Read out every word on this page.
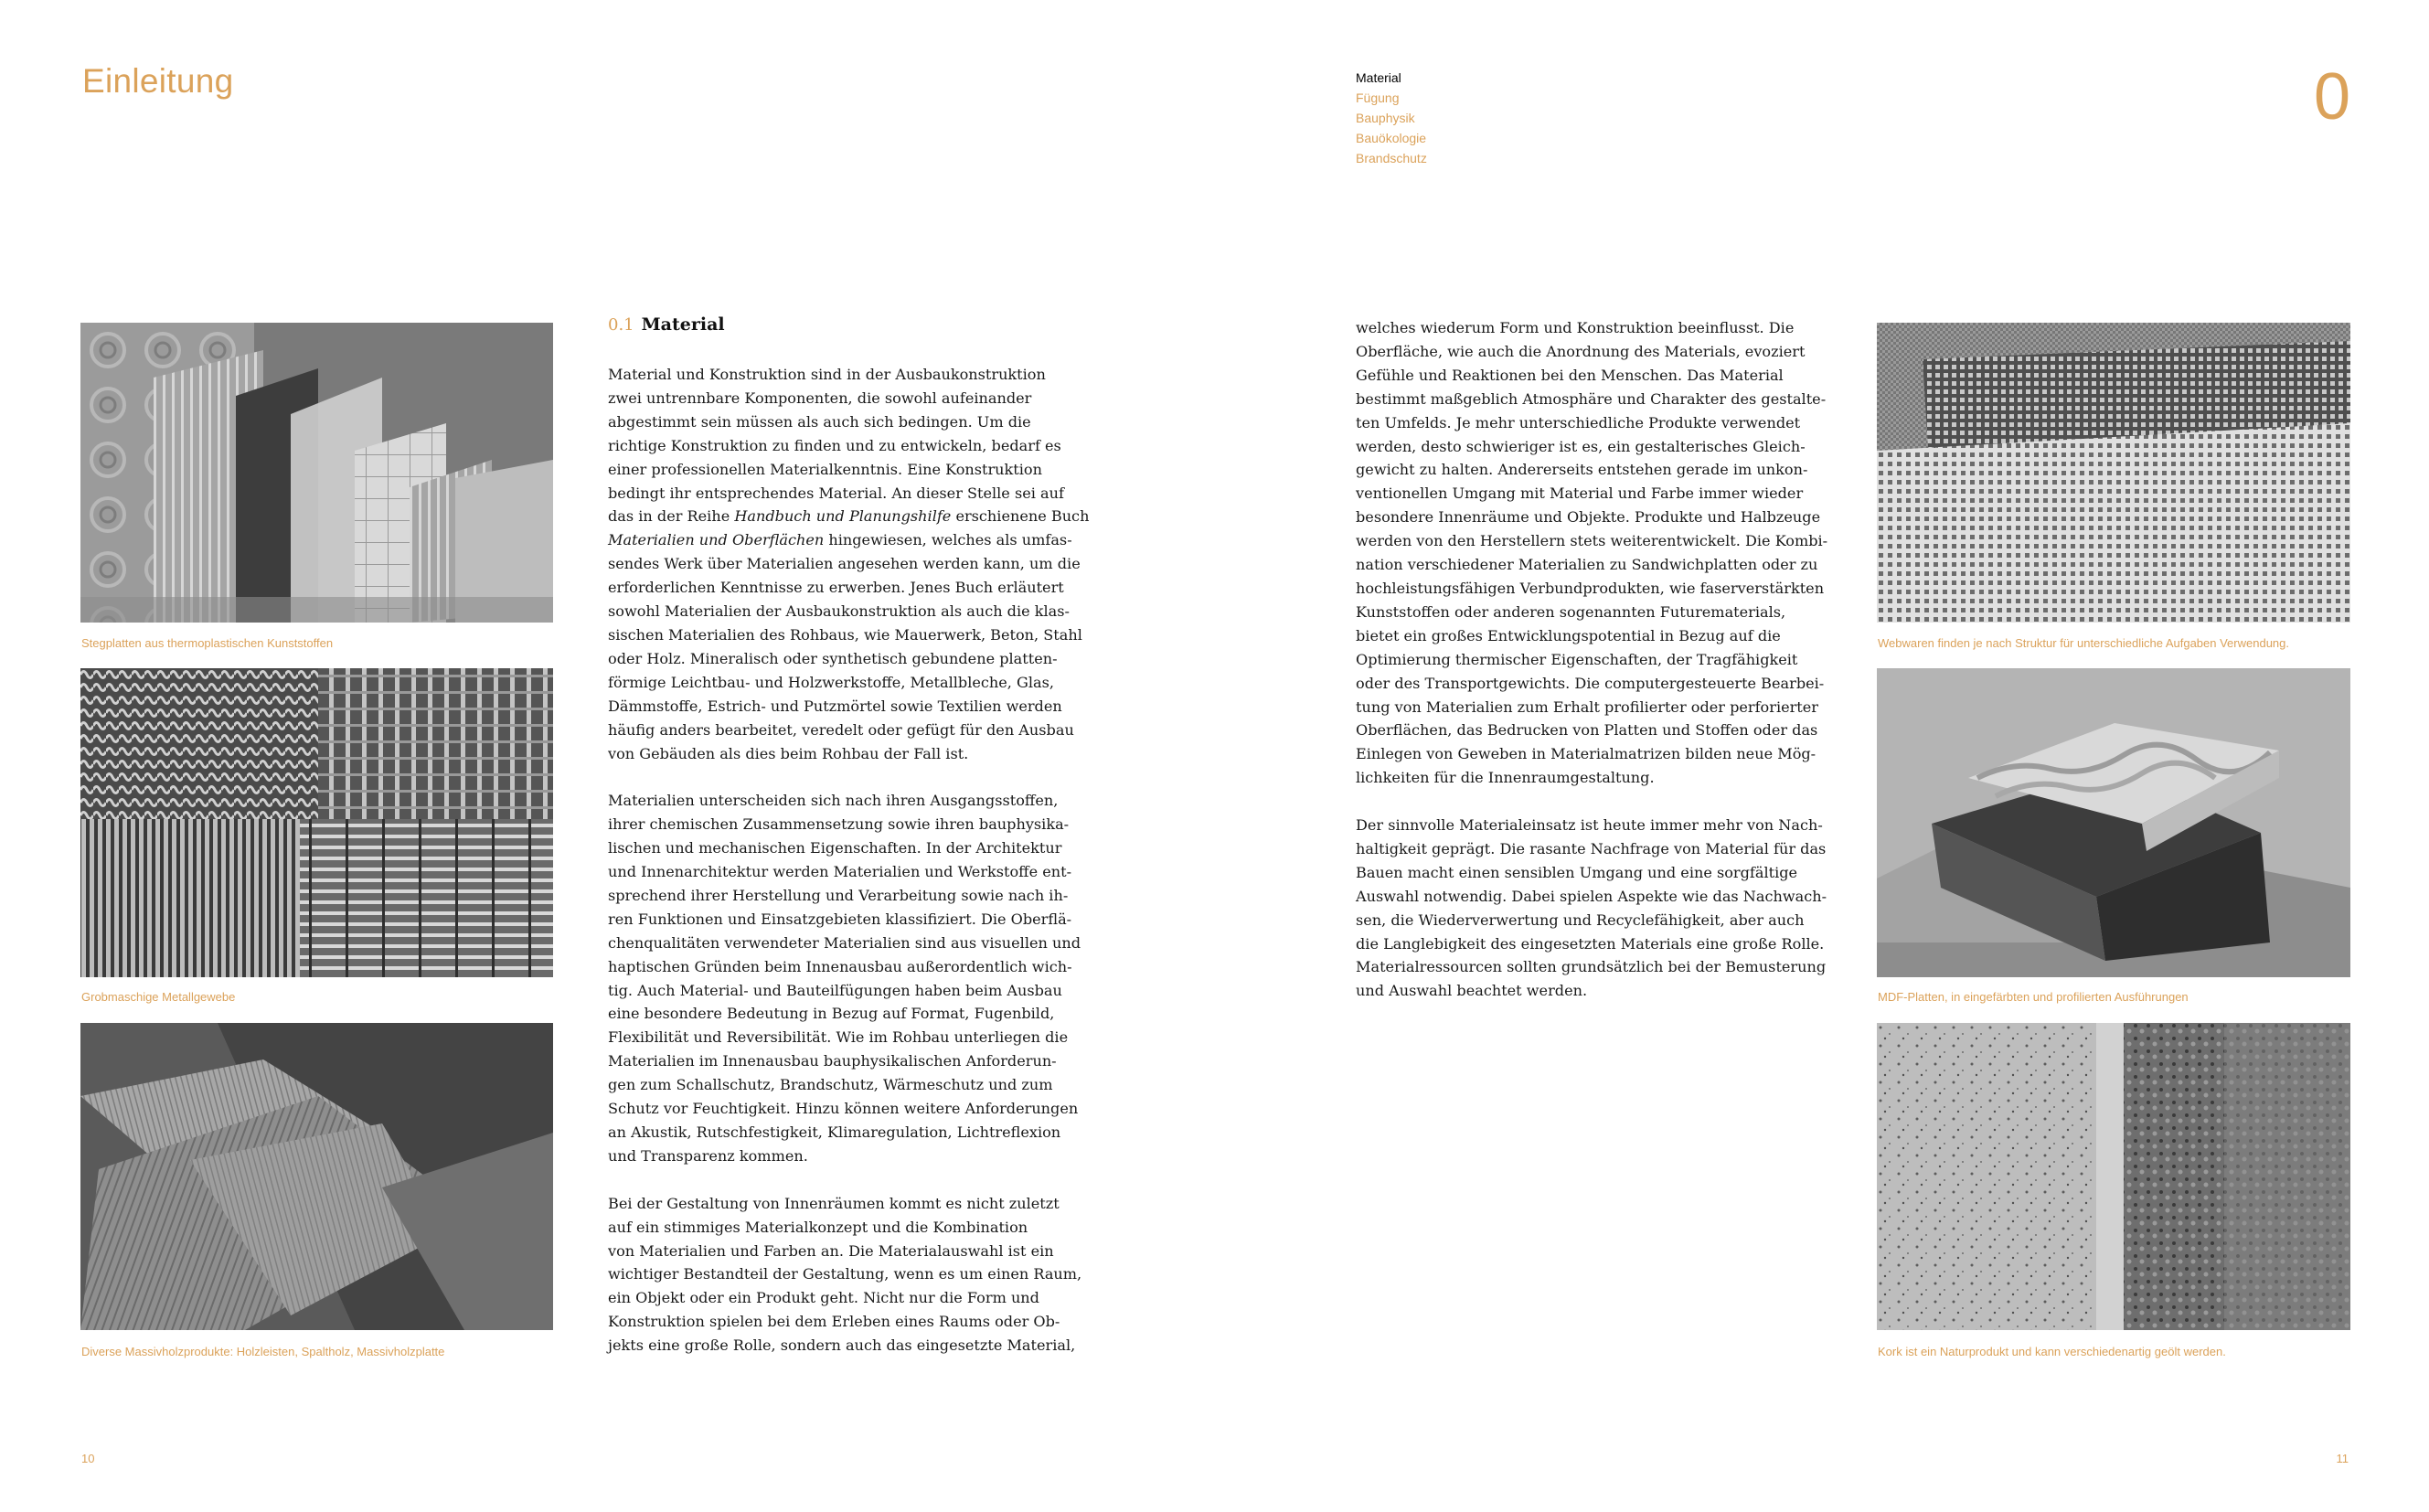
Einleitung	0
Material
Fügung
Bauphysik
Bauökologie
Brandschutz
Stegplatten aus thermoplastischen Kunststoffen
Grobmaschige Metallgewebe
Diverse Massivholzprodukte: Holzleisten, Spaltholz, Massivholzplatte
0.1 Material

Material und Konstruktion sind in der Ausbaukonstruktion
zwei untrennbare Komponenten, die sowohl aufeinander
abgestimmt sein müssen als auch sich bedingen. Um die
richtige Konstruktion zu finden und zu entwickeln, bedarf es
einer professionellen Materialkenntnis. Eine Konstruktion
bedingt ihr entsprechendes Material. An dieser Stelle sei auf
das in der Reihe Handbuch und Planungshilfe erschienene Buch
Materialien und Oberflächen hingewiesen, welches als umfas-
sendes Werk über Materialien angesehen werden kann, um die
erforderlichen Kenntnisse zu erwerben. Jenes Buch erläutert
sowohl Materialien der Ausbaukonstruktion als auch die klas-
sischen Materialien des Rohbaus, wie Mauerwerk, Beton, Stahl
oder Holz. Mineralisch oder synthetisch gebundene platten-
förmige Leichtbau- und Holzwerkstoffe, Metallbleche, Glas,
Dämmstoffe, Estrich- und Putzmörtel sowie Textilien werden
häufig anders bearbeitet, veredelt oder gefügt für den Ausbau
von Gebäuden als dies beim Rohbau der Fall ist.

Materialien unterscheiden sich nach ihren Ausgangsstoffen,
ihrer chemischen Zusammensetzung sowie ihren bauphysika-
lischen und mechanischen Eigenschaften. In der Architektur
und Innenarchitektur werden Materialien und Werkstoffe ent-
sprechend ihrer Herstellung und Verarbeitung sowie nach ih-
ren Funktionen und Einsatzgebieten klassifiziert. Die Oberflä-
chenqualitäten verwendeter Materialien sind aus visuellen und
haptischen Gründen beim Innenausbau außerordentlich wich-
tig. Auch Material- und Bauteilfügungen haben beim Ausbau
eine besondere Bedeutung in Bezug auf Format, Fugenbild,
Flexibilität und Reversibilität. Wie im Rohbau unterliegen die
Materialien im Innenausbau bauphysikalischen Anforderun-
gen zum Schallschutz, Brandschutz, Wärmeschutz und zum
Schutz vor Feuchtigkeit. Hinzu können weitere Anforderungen
an Akustik, Rutschfestigkeit, Klimaregulation, Lichtreflexion
und Transparenz kommen.

Bei der Gestaltung von Innenräumen kommt es nicht zuletzt
auf ein stimmiges Materialkonzept und die Kombination
von Materialien und Farben an. Die Materialauswahl ist ein
wichtiger Bestandteil der Gestaltung, wenn es um einen Raum,
ein Objekt oder ein Produkt geht. Nicht nur die Form und
Konstruktion spielen bei dem Erleben eines Raums oder Ob-
jekts eine große Rolle, sondern auch das eingesetzte Material,

welches wiederum Form und Konstruktion beeinflusst. Die
Oberfläche, wie auch die Anordnung des Materials, evoziert
Gefühle und Reaktionen bei den Menschen. Das Material
bestimmt maßgeblich Atmosphäre und Charakter des gestalte-
ten Umfelds. Je mehr unterschiedliche Produkte verwendet
werden, desto schwieriger ist es, ein gestalterisches Gleich-
gewicht zu halten. Andererseits entstehen gerade im unkon-
ventionellen Umgang mit Material und Farbe immer wieder
besondere Innenräume und Objekte. Produkte und Halbzeuge
werden von den Herstellern stets weiterentwickelt. Die Kombi-
nation verschiedener Materialien zu Sandwichplatten oder zu
hochleistungsfähigen Verbundprodukten, wie faserverstärkten
Kunststoffen oder anderen sogenannten Futurematerials,
bietet ein großes Entwicklungspotential in Bezug auf die
Optimierung thermischer Eigenschaften, der Tragfähigkeit
oder des Transportgewichts. Die computergesteuerte Bearbei-
tung von Materialien zum Erhalt profilierter oder perforierter
Oberflächen, das Bedrucken von Platten und Stoffen oder das
Einlegen von Geweben in Materialmatrizen bilden neue Mög-
lichkeiten für die Innenraumgestaltung.

Der sinnvolle Materialeinsatz ist heute immer mehr von Nach-
haltigkeit geprägt. Die rasante Nachfrage von Material für das
Bauen macht einen sensiblen Umgang und eine sorgfältige
Auswahl notwendig. Dabei spielen Aspekte wie das Nachwach-
sen, die Wiederverwertung und Recyclefähigkeit, aber auch
die Langlebigkeit des eingesetzten Materials eine große Rolle.
Materialressourcen sollten grundsätzlich bei der Bemusterung
und Auswahl beachtet werden.

Webwaren finden je nach Struktur für unterschiedliche Aufgaben Verwendung.
MDF-Platten, in eingefärbten und profilierten Ausführungen
Kork ist ein Naturprodukt und kann verschiedenartig geölt werden.
10	11
